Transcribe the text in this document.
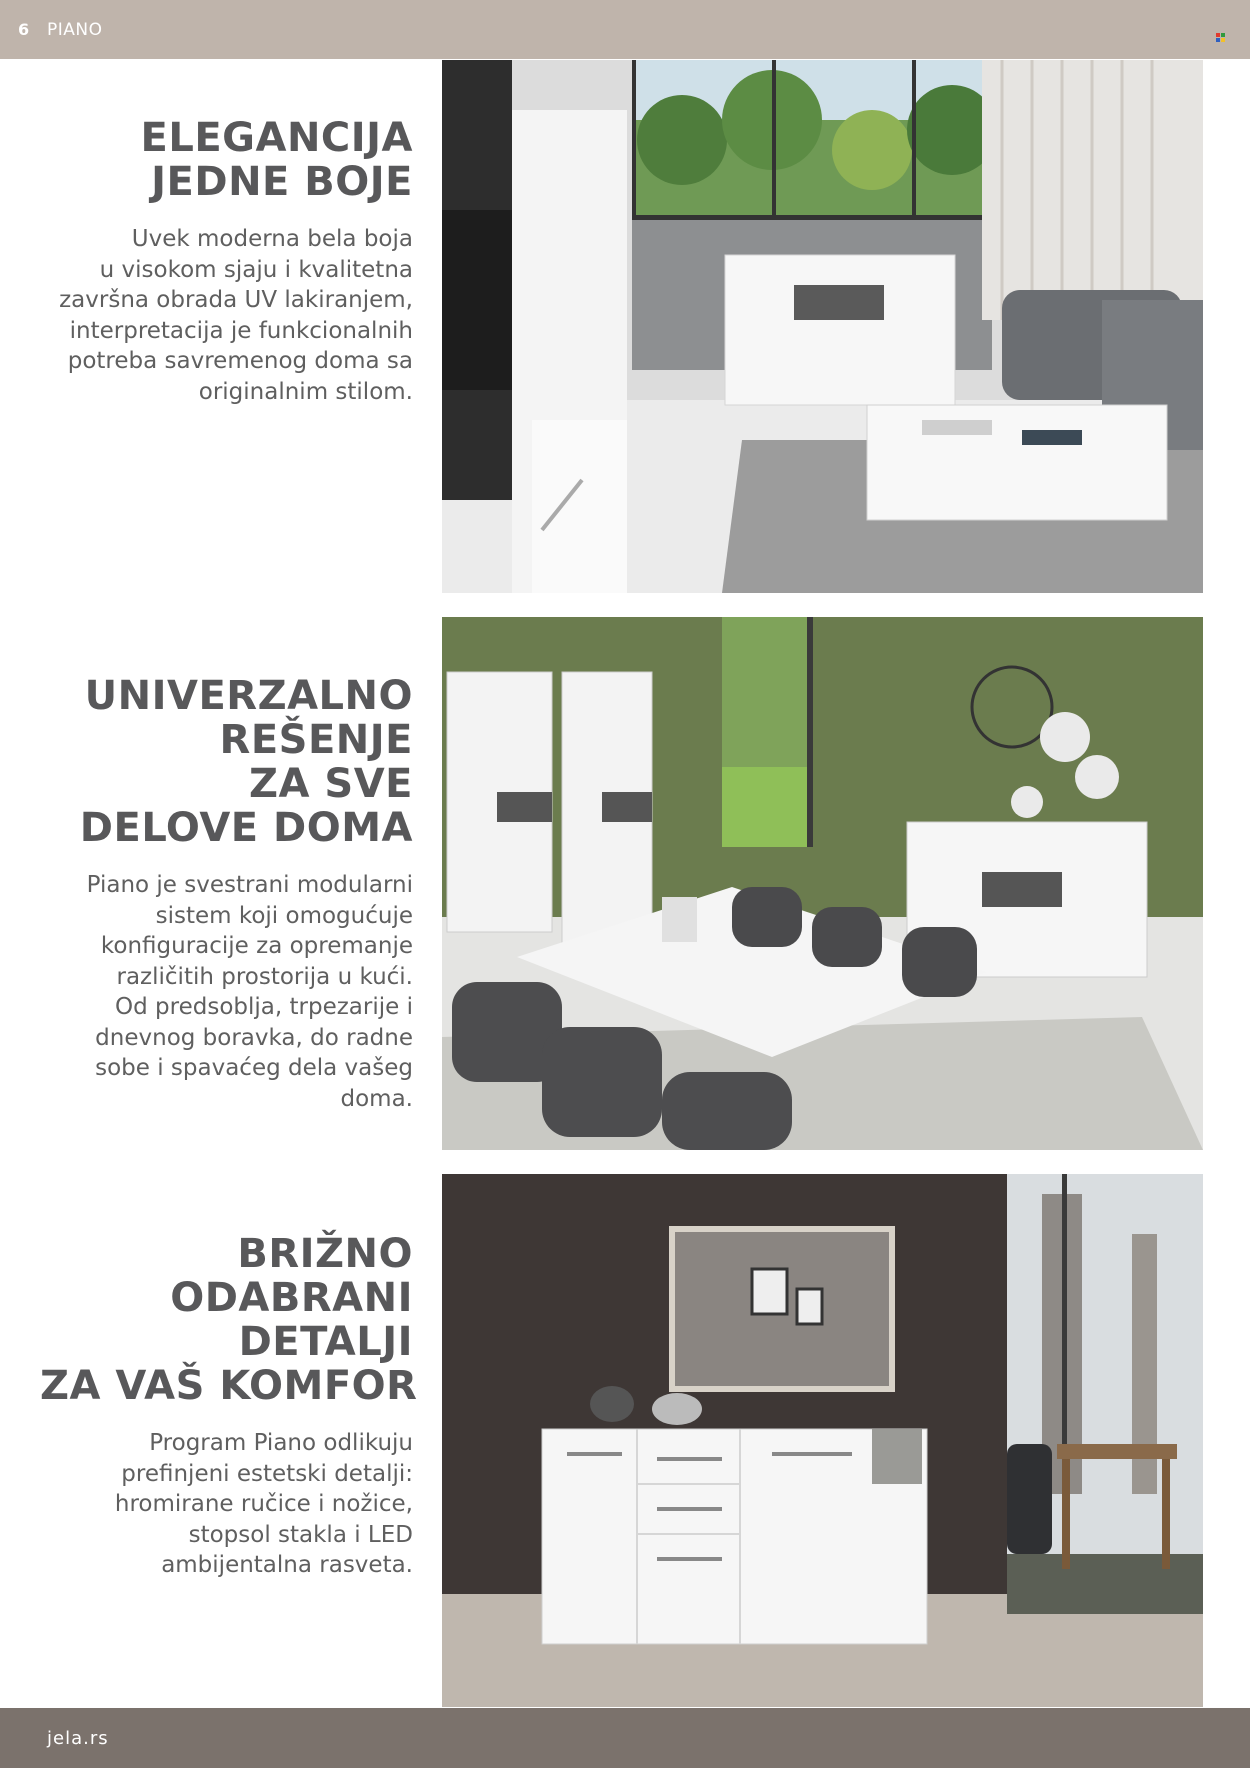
6 PIANO
ELEGANCIJA
JEDNE BOJE
Uvek moderna bela boja
u visokom sjaju i kvalitetna
završna obrada UV lakiranjem,
interpretacija je funkcionalnih
potreba savremenog doma sa
originalnim stilom.
UNIVERZALNO
REŠENJE
ZA SVE
DELOVE DOMA
Piano je svestrani modularni
sistem koji omogućuje
konfiguracije za opremanje
različitih prostorija u kući.
Od predsoblja, trpezarije i
dnevnog boravka, do radne
sobe i spavaćeg dela vašeg
doma.
BRIŽNO
ODABRANI
DETALJI
ZA VAŠ KOMFOR
Program Piano odlikuju
prefinjeni estetski detalji:
hromirane ručice i nožice,
stopsol stakla i LED
ambijentalna rasveta.
jela.rs
